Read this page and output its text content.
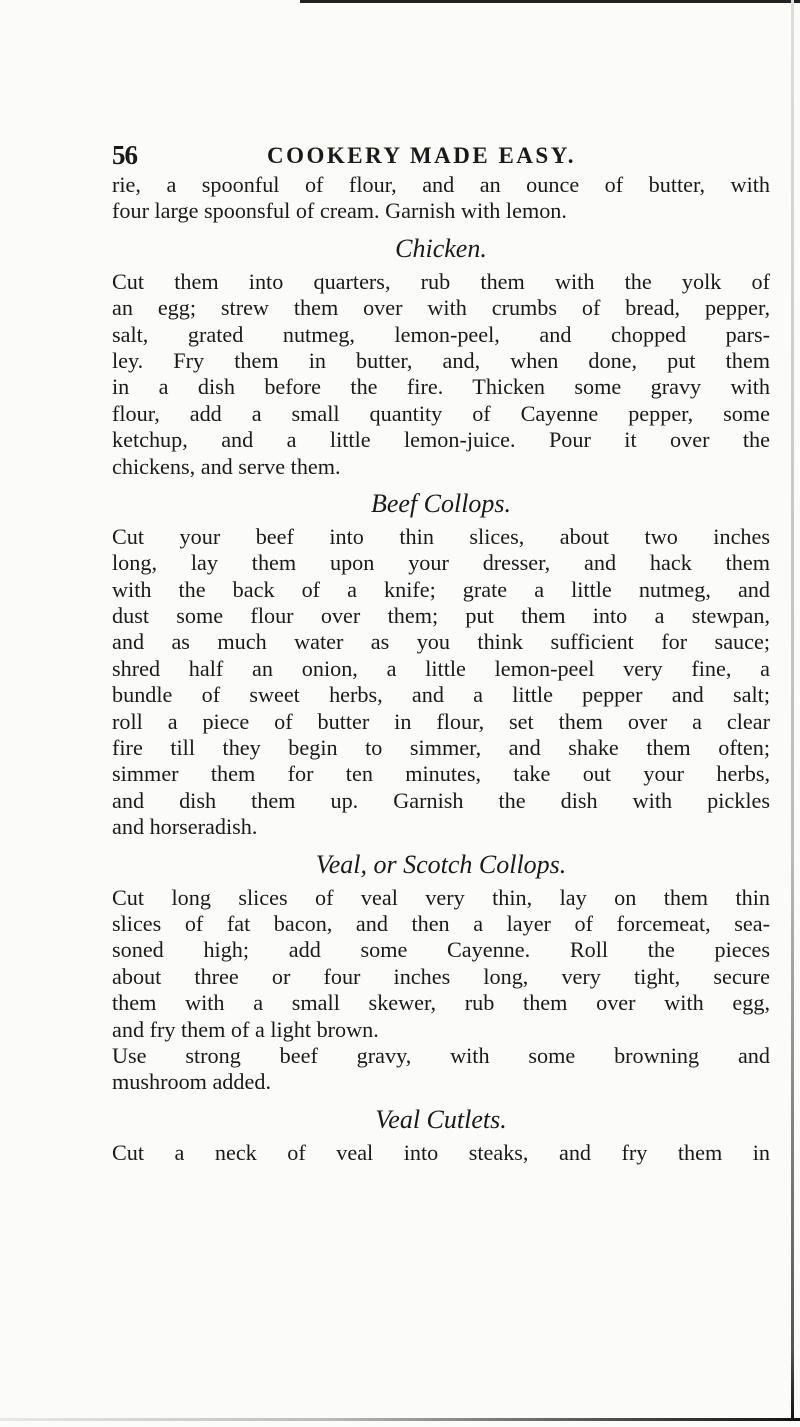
56	COOKERY MADE EASY.
rie, a spoonful of flour, and an ounce of butter, with
four large spoonsful of cream. Garnish with lemon.
Chicken.
Cut them into quarters, rub them with the yolk of
an egg; strew them over with crumbs of bread, pepper,
salt, grated nutmeg, lemon-peel, and chopped pars-
ley. Fry them in butter, and, when done, put them
in a dish before the fire. Thicken some gravy with
flour, add a small quantity of Cayenne pepper, some
ketchup, and a little lemon-juice. Pour it over the
chickens, and serve them.
Beef Collops.
Cut your beef into thin slices, about two inches
long, lay them upon your dresser, and hack them
with the back of a knife; grate a little nutmeg, and
dust some flour over them; put them into a stewpan,
and as much water as you think sufficient for sauce;
shred half an onion, a little lemon-peel very fine, a
bundle of sweet herbs, and a little pepper and salt;
roll a piece of butter in flour, set them over a clear
fire till they begin to simmer, and shake them often;
simmer them for ten minutes, take out your herbs,
and dish them up. Garnish the dish with pickles
and horseradish.
Veal, or Scotch Collops.
Cut long slices of veal very thin, lay on them thin
slices of fat bacon, and then a layer of forcemeat, sea-
soned high; add some Cayenne. Roll the pieces
about three or four inches long, very tight, secure
them with a small skewer, rub them over with egg,
and fry them of a light brown.
Use strong beef gravy, with some browning and
mushroom added.
Veal Cutlets.
Cut a neck of veal into steaks, and fry them in
